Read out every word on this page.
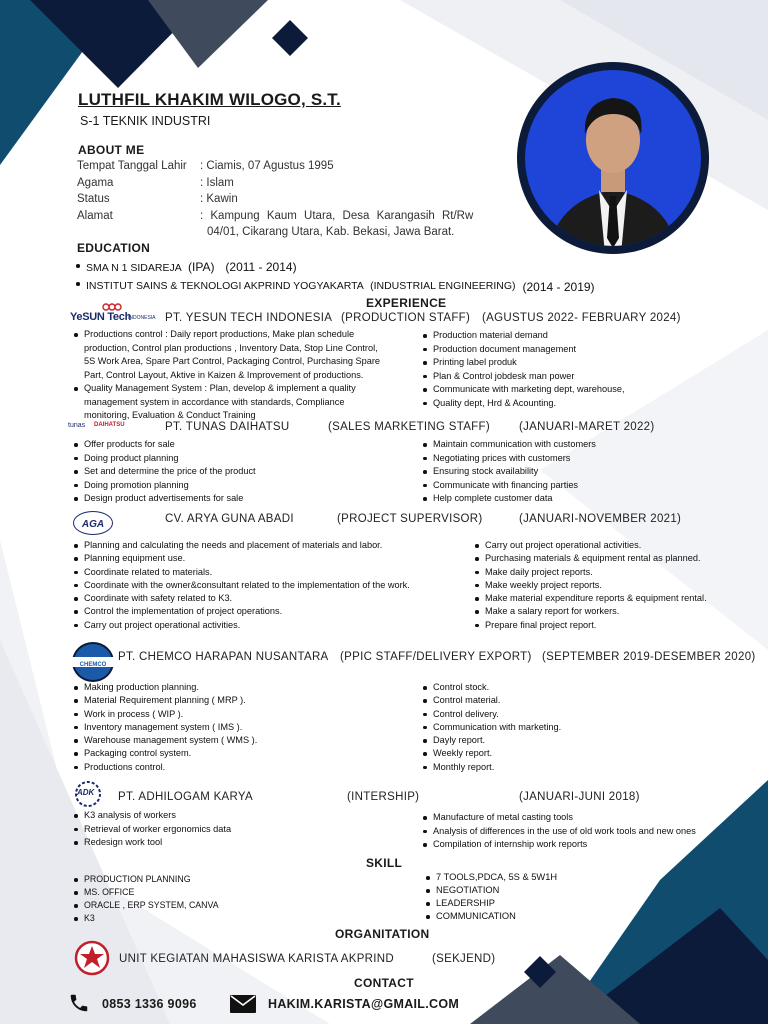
LUTHFIL KHAKIM WILOGO, S.T.
S-1 TEKNIK INDUSTRI
ABOUT ME
Tempat Tanggal Lahir : Ciamis, 07 Agustus 1995
Agama	: Islam
Status	: Kawin
Alamat	: Kampung Kaum Utara, Desa Karangasih Rt/Rw
04/01, Cikarang Utara, Kab. Bekasi, Jawa Barat.
EDUCATION
SMA N 1 SIDAREJA (IPA) (2011 - 2014)
INSTITUT SAINS & TEKNOLOGI AKPRIND YOGYAKARTA (INDUSTRIAL ENGINEERING) (2014 - 2019)
EXPERIENCE
YeSUN Tech
INDONESIA PT. YESUN TECH INDONESIA (PRODUCTION STAFF) (AGUSTUS 2022- FEBRUARY 2024)
Productions control : Daily report productions, Make plan schedule
production, Control plan productions , Inventory Data, Stop Line Control,
5S Work Area, Spare Part Control, Packaging Control, Purchasing Spare
Part, Control Layout, Aktive in Kaizen & Improvement of productions.
Quality Management System : Plan, develop & implement a quality
management system in accordance with standards, Compliance
monitoring, Evaluation & Conduct Training
Production material demand
Production document management
Printing label produk
Plan & Control jobdesk man power
Communicate with marketing dept, warehouse,
Quality dept, Hrd & Acounting.
tunas DAIHATSU	PT. TUNAS DAIHATSU	(SALES MARKETING STAFF)	(JANUARI-MARET 2022)
Offer products for sale
Doing product planning
Set and determine the price of the product
Doing promotion planning
Design product advertisements for sale
Maintain communication with customers
Negotiating prices with customers
Ensuring stock availability
Communicate with financing parties
Help complete customer data
AGA	CV. ARYA GUNA ABADI	(PROJECT SUPERVISOR)	(JANUARI-NOVEMBER 2021)
Planning and calculating the needs and placement of materials and labor.
Planning equipment use.
Coordinate related to materials.
Coordinate with the owner&consultant related to the implementation of the work.
Coordinate with safety related to K3.
Control the implementation of project operations.
Carry out project operational activities.
Carry out project operational activities.
Purchasing materials & equipment rental as planned.
Make daily project reports.
Make weekly project reports.
Make material expenditure reports & equipment rental.
Make a salary report for workers.
Prepare final project report.
CHEMCO
PT. CHEMCO HARAPAN NUSANTARA (PPIC STAFF/DELIVERY EXPORT) (SEPTEMBER 2019-DESEMBER 2020)
Making production planning.
Material Requirement planning ( MRP ).
Work in process ( WIP ).
Inventory management system ( IMS ).
Warehouse management system ( WMS ).
Packaging control system.
Productions control.
Control stock.
Control material.
Control delivery.
Communication with marketing.
Dayly report.
Weekly report.
Monthly report.
ADK PT. ADHILOGAM KARYA	(INTERSHIP)	(JANUARI-JUNI 2018)
K3 analysis of workers
Retrieval of worker ergonomics data
Redesign work tool
Manufacture of metal casting tools
Analysis of differences in the use of old work tools and new ones
Compilation of internship work reports
SKILL
PRODUCTION PLANNING
MS. OFFICE
ORACLE , ERP SYSTEM, CANVA
K3
7 TOOLS,PDCA, 5S & 5W1H
NEGOTIATION
LEADERSHIP
COMMUNICATION
ORGANITATION
UNIT KEGIATAN MAHASISWA KARISTA AKPRIND	(SEKJEND)
CONTACT
0853 1336 9096	HAKIM.KARISTA@GMAIL.COM
